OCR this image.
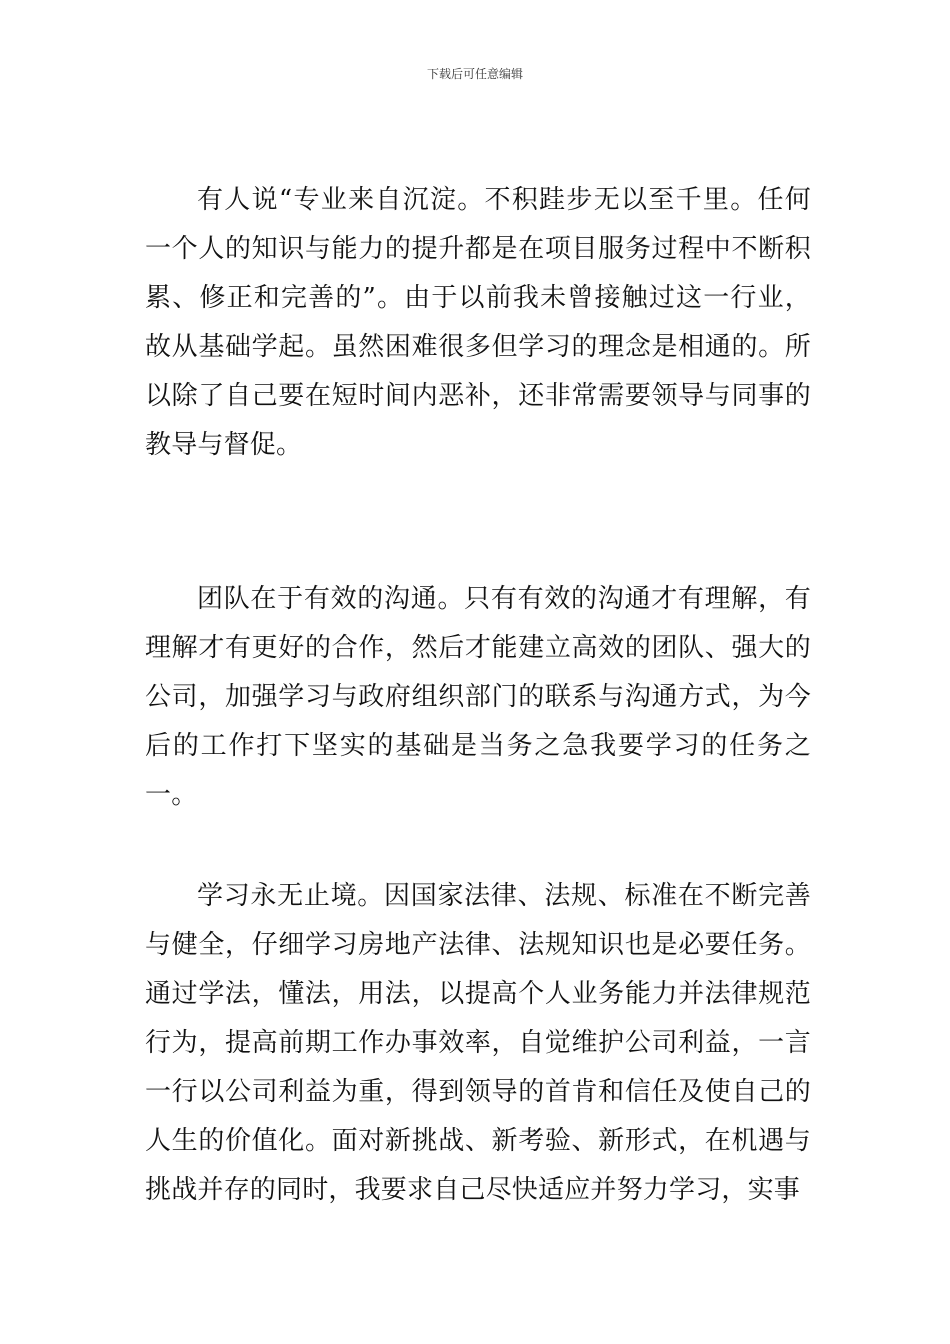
下载后可任意编辑

有人说“专业来自沉淀。不积跬步无以至千里。任何一个人的知识与能力的提升都是在项目服务过程中不断积累、修正和完善的”。由于以前我未曾接触过这一行业，故从基础学起。虽然困难很多但学习的理念是相通的。所以除了自己要在短时间内恶补，还非常需要领导与同事的教导与督促。

团队在于有效的沟通。只有有效的沟通才有理解，有理解才有更好的合作，然后才能建立高效的团队、强大的公司，加强学习与政府组织部门的联系与沟通方式，为今后的工作打下坚实的基础是当务之急我要学习的任务之一。

学习永无止境。因国家法律、法规、标准在不断完善与健全，仔细学习房地产法律、法规知识也是必要任务。通过学法，懂法，用法，以提高个人业务能力并法律规范行为，提高前期工作办事效率，自觉维护公司利益，一言一行以公司利益为重，得到领导的首肯和信任及使自己的人生的价值化。面对新挑战、新考验、新形式，在机遇与挑战并存的同时，我要求自己尽快适应并努力学习，实事
